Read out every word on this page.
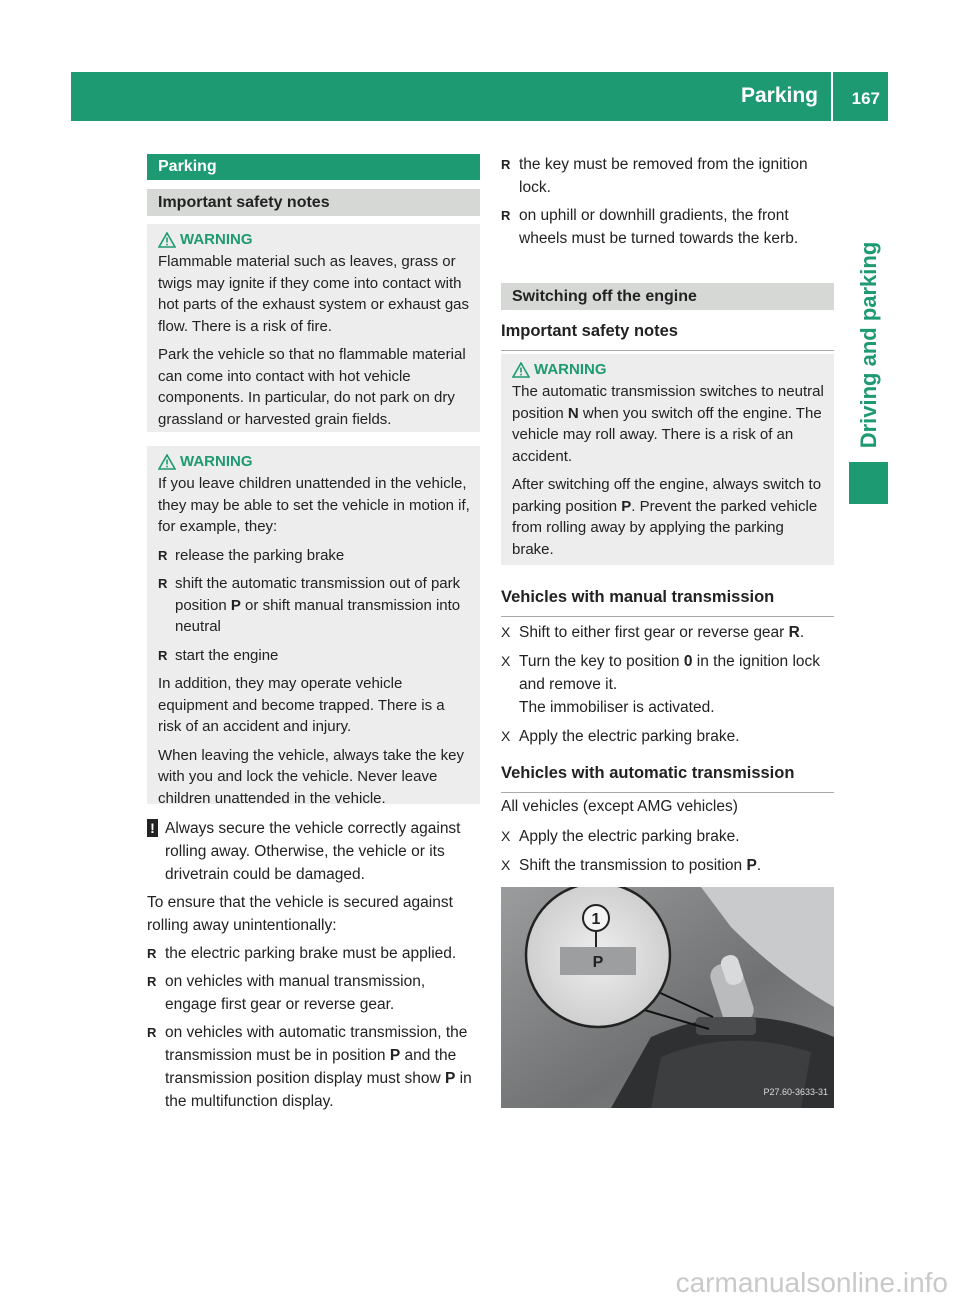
Parking 167
Driving and parking
Parking
Important safety notes
WARNING

Flammable material such as leaves, grass or twigs may ignite if they come into contact with hot parts of the exhaust system or exhaust gas flow. There is a risk of fire.

Park the vehicle so that no flammable material can come into contact with hot vehicle components. In particular, do not park on dry grassland or harvested grain fields.

WARNING

If you leave children unattended in the vehicle, they may be able to set the vehicle in motion if, for example, they:

R release the parking brake
R shift the automatic transmission out of park position P or shift manual transmission into neutral
R start the engine

In addition, they may operate vehicle equipment and become trapped. There is a risk of an accident and injury.

When leaving the vehicle, always take the key with you and lock the vehicle. Never leave children unattended in the vehicle.

! Always secure the vehicle correctly against rolling away. Otherwise, the vehicle or its drivetrain could be damaged.

To ensure that the vehicle is secured against rolling away unintentionally:

R the electric parking brake must be applied.
R on vehicles with manual transmission, engage first gear or reverse gear.
R on vehicles with automatic transmission, the transmission must be in position P and the transmission position display must show P in the multifunction display.
R the key must be removed from the ignition lock.
R on uphill or downhill gradients, the front wheels must be turned towards the kerb.
Switching off the engine
Important safety notes
WARNING

The automatic transmission switches to neutral position N when you switch off the engine. The vehicle may roll away. There is a risk of an accident.

After switching off the engine, always switch to parking position P. Prevent the parked vehicle from rolling away by applying the parking brake.

Vehicles with manual transmission
X Shift to either first gear or reverse gear R.
X Turn the key to position 0 in the ignition lock and remove it.
The immobiliser is activated.
X Apply the electric parking brake.
Vehicles with automatic transmission

All vehicles (except AMG vehicles)

X Apply the electric parking brake.
X Shift the transmission to position P.
1
P
P27.60-3633-31
carmanualsonline.info
